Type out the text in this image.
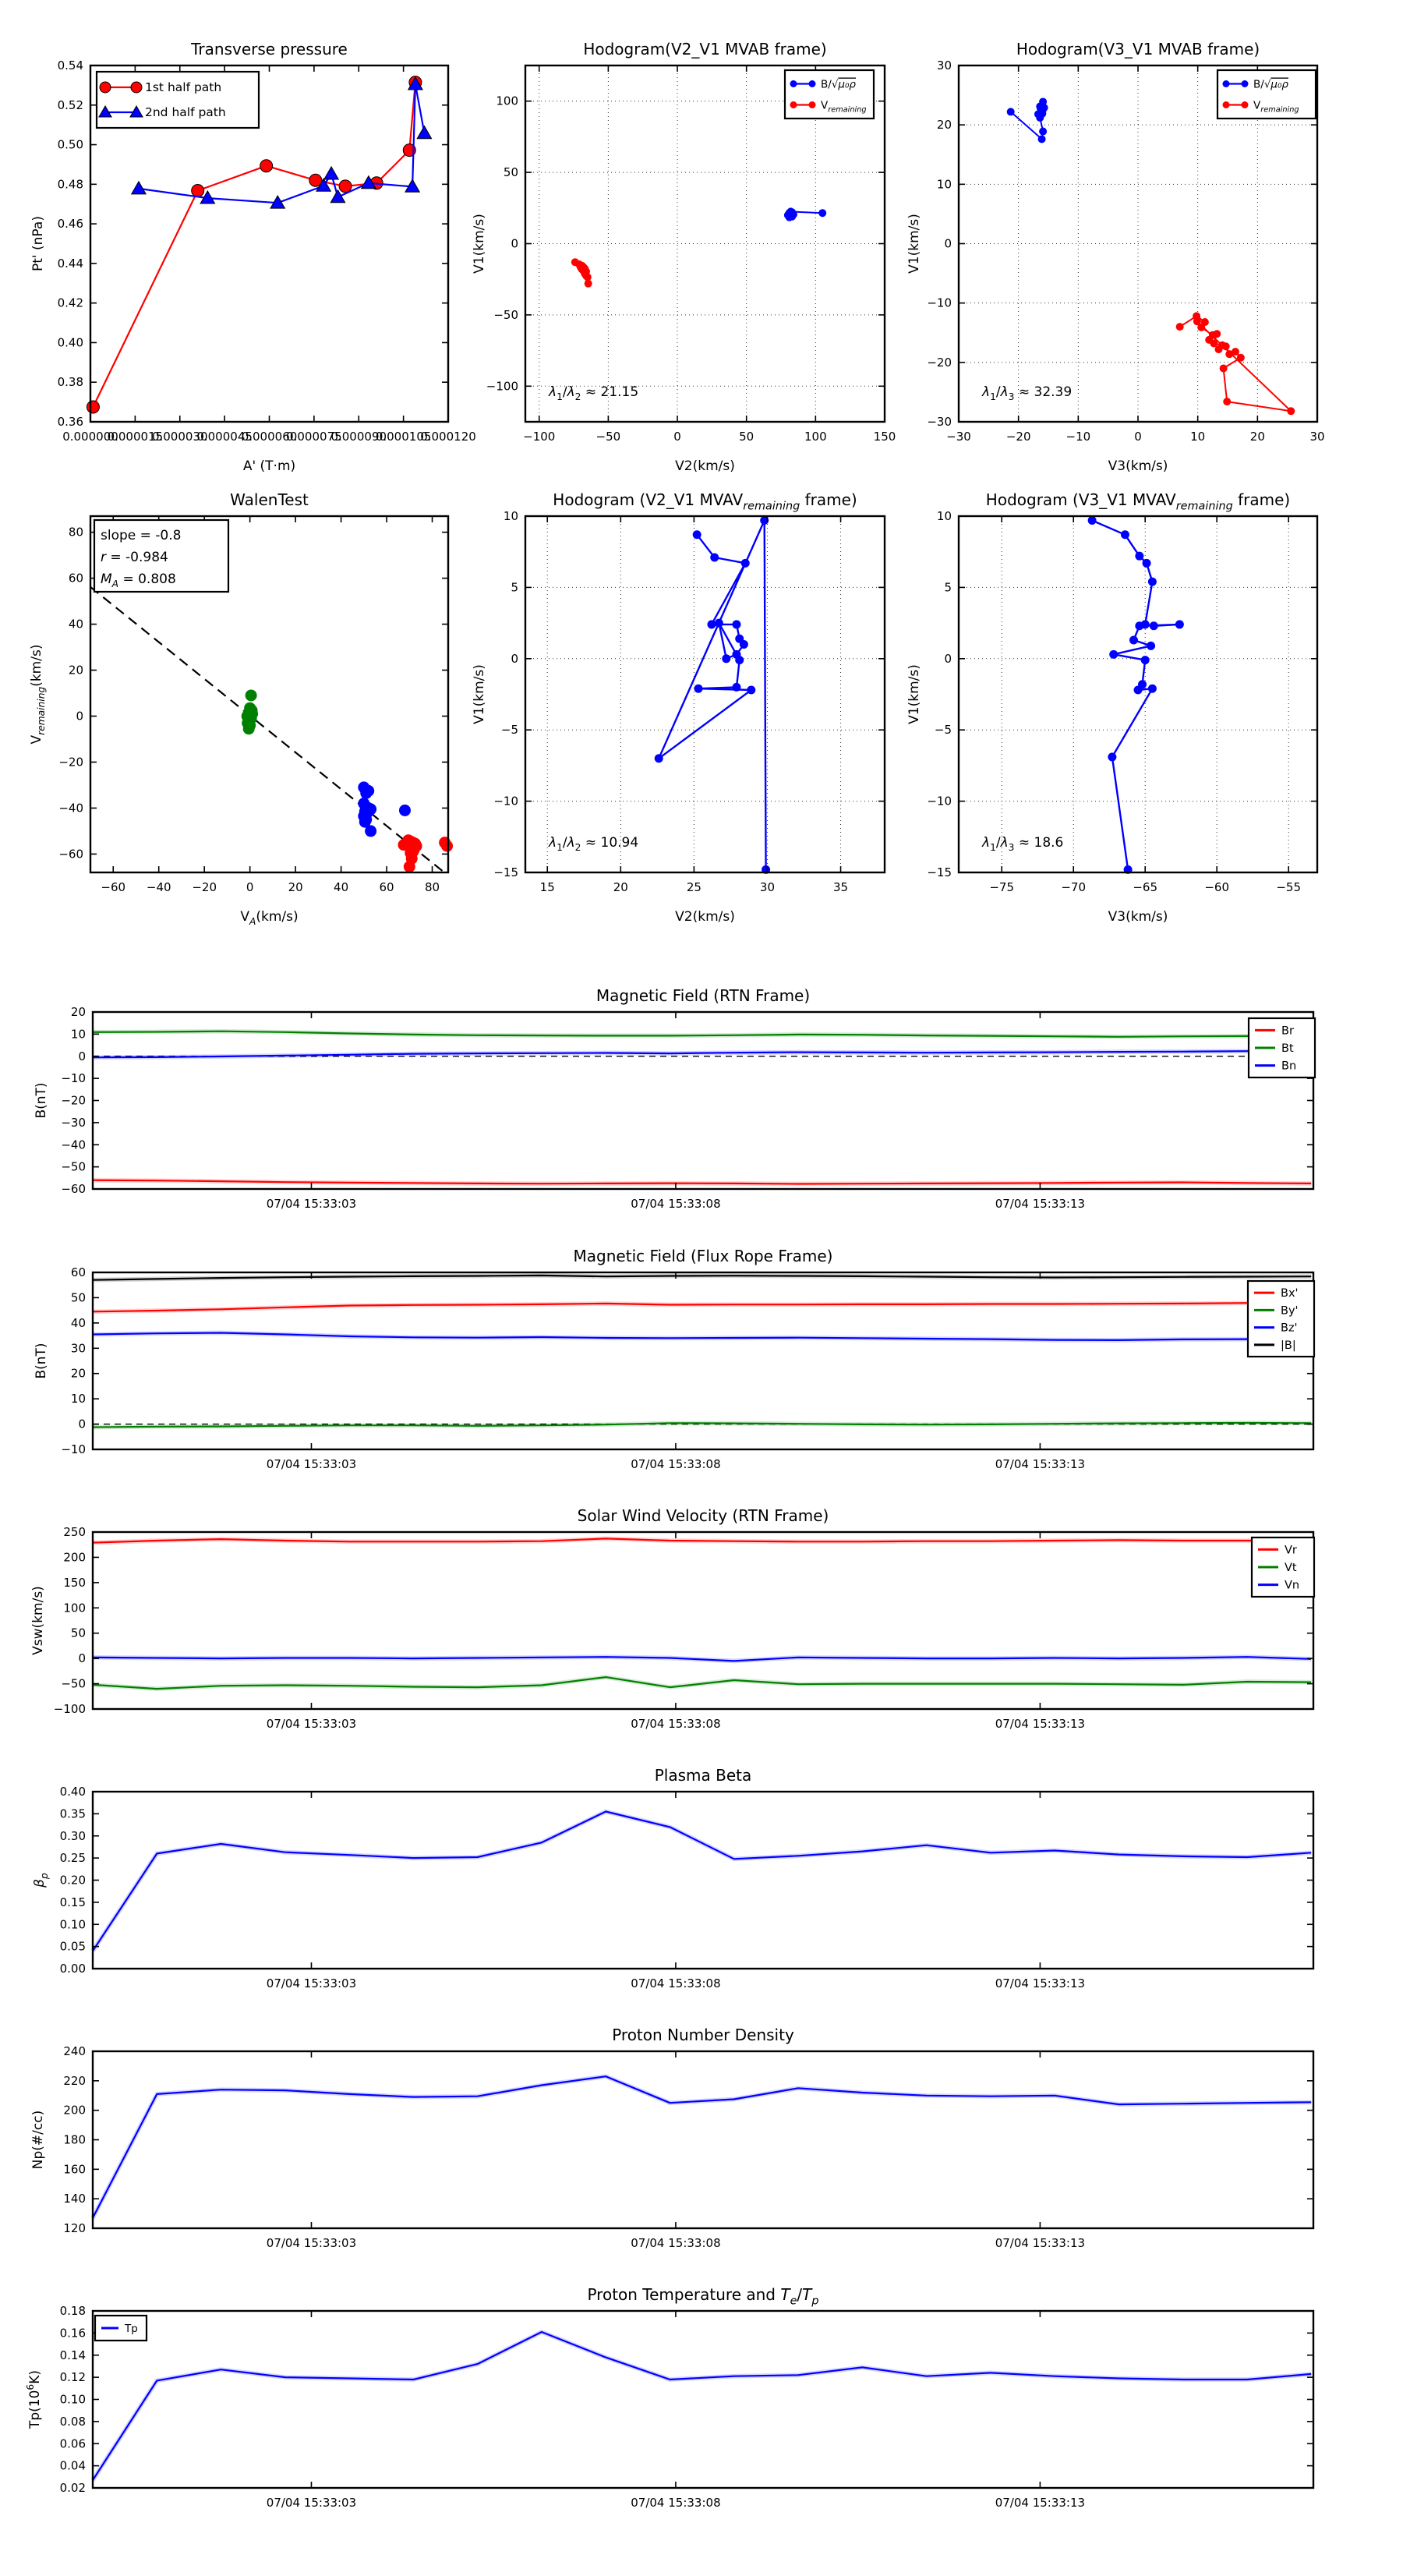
0.000000
0.000015
0.000030
0.000045
0.000060
0.000075
0.000090
0.000105
0.000120
0.36
0.38
0.40
0.42
0.44
0.46
0.48
0.50
0.52
0.54
Transverse pressure
A' (T·m)
Pt' (nPa)
1st half path
2nd half path
−100	−50	0	50	100	150
−100
−50
0
50
100
Hodogram(V2_V1 MVAB frame)
V2(km/s)
V1(km/s)
B/√μ₀ρ
$V_{remaining}$
$\lambda_1/\lambda_2 \approx 21.15$
−30	−20	−10	0	10	20	30
−30
−20
−10
0
10
20
30
Hodogram(V3_V1 MVAB frame)
V3(km/s)
V1(km/s)
B/√μ₀ρ
$V_{remaining}$
$\lambda_1/\lambda_3 \approx 32.39$
−60 −40 −20	0	20	40	60	80
−60
−40
−20
0
20
40
60
80
WalenTest
$V_A(km/s)$
$V_{remaining}(km/s)$
slope = -0.8
r = -0.984
$M_A = 0.808$
15	20	25	30	35
−15
−10
−5
0
5
10
Hodogram (V2_V1 $MVAV_{remaining}$ frame)
V2(km/s)
V1(km/s)
$\lambda_1/\lambda_2 \approx 10.94$
−75	−70	−65	−60	−55
−15
−10
−5
0
5
10
Hodogram (V3_V1 $MVAV_{remaining}$ frame)
V3(km/s)
V1(km/s)
$\lambda_1/\lambda_3 \approx 18.6$
07/04 15:33:03	07/04 15:33:08	07/04 15:33:13
−60
−50
−40
−30
−20
−10
0
10
20
Magnetic Field (RTN Frame)
B(nT)
Br
Bt
Bn
07/04 15:33:03	07/04 15:33:08	07/04 15:33:13
−10
0
10
20
30
40
50
60
Magnetic Field (Flux Rope Frame)
B(nT)
Bx'
By'
Bz'
|B|
07/04 15:33:03	07/04 15:33:08	07/04 15:33:13
−100
−50
0
50
100
150
200
250
Solar Wind Velocity (RTN Frame)
Vsw(km/s)
Vr
Vt
Vn
07/04 15:33:03	07/04 15:33:08	07/04 15:33:13
0.00
0.05
0.10
0.15
0.20
0.25
0.30
0.35
0.40
Plasma Beta
$\beta_p$
07/04 15:33:03	07/04 15:33:08	07/04 15:33:13
120
140
160
180
200
220
240
Proton Number Density
Np(#/cc)
07/04 15:33:03	07/04 15:33:08	07/04 15:33:13
0.02
0.04
0.06
0.08
0.10
0.12
0.14
0.16
0.18
Proton Temperature and $T_e/T_p$
$Tp(10^6K)$
Tp
